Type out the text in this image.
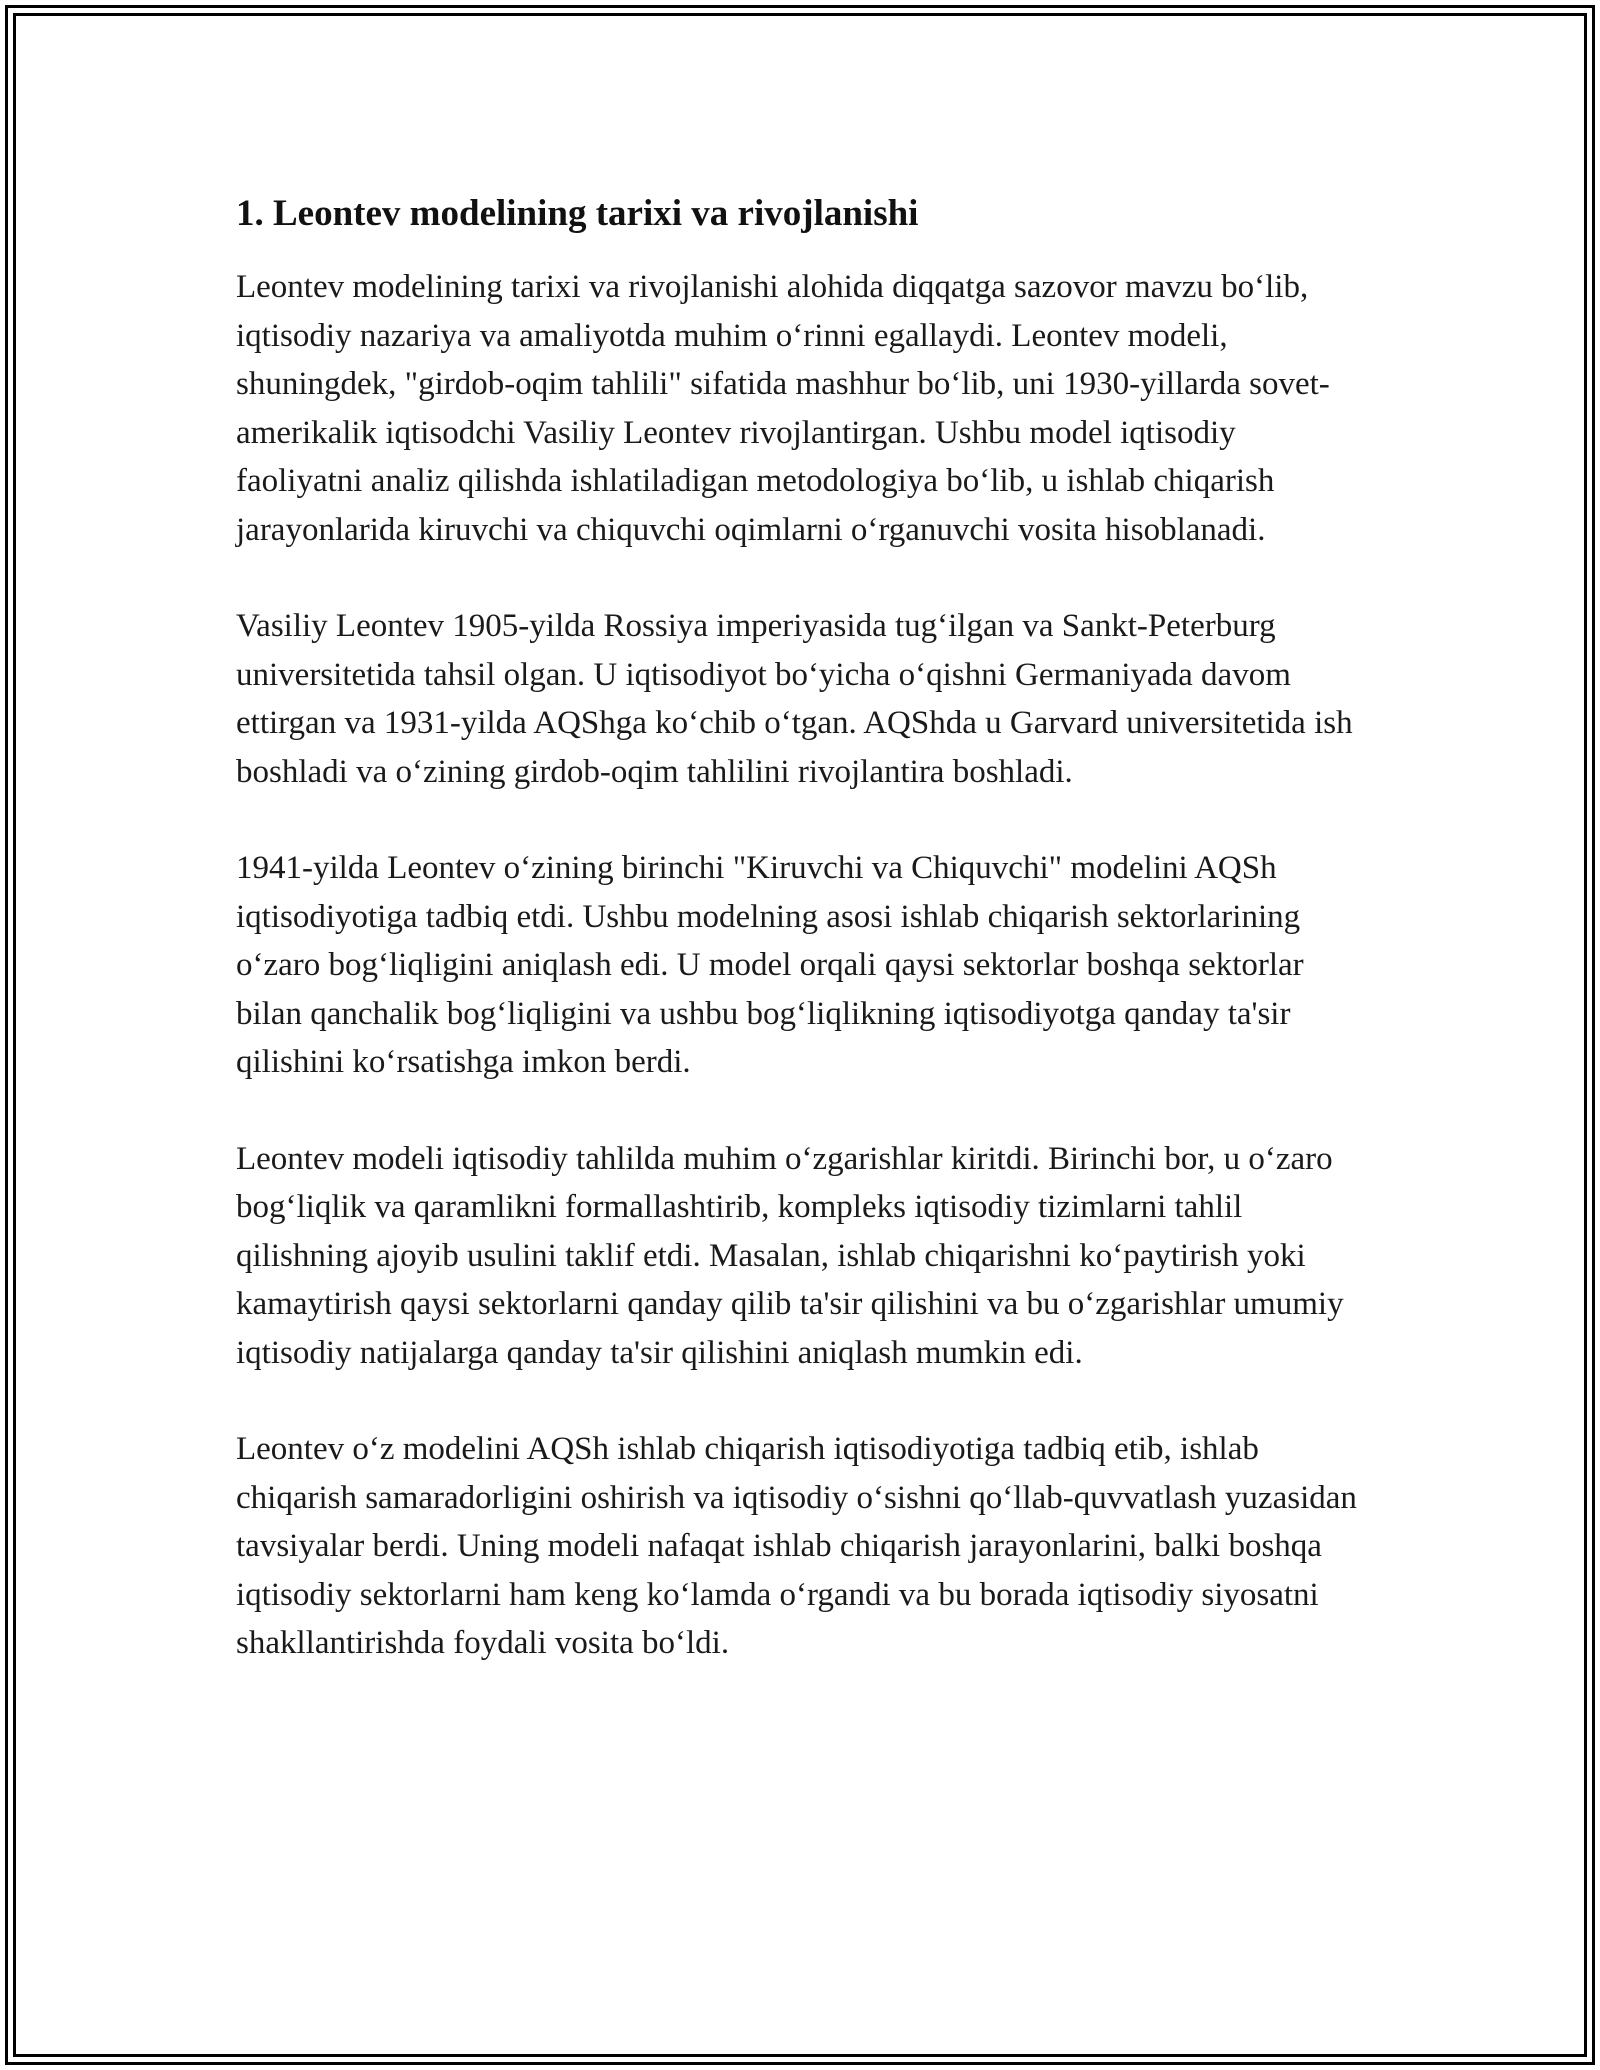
1. Leontev modelining tarixi va rivojlanishi

Leontev modelining tarixi va rivojlanishi alohida diqqatga sazovor mavzu bo‘lib, iqtisodiy nazariya va amaliyotda muhim o‘rinni egallaydi. Leontev modeli, shuningdek, "girdob-oqim tahlili" sifatida mashhur bo‘lib, uni 1930-yillarda sovet-amerikalik iqtisodchi Vasiliy Leontev rivojlantirgan. Ushbu model iqtisodiy faoliyatni analiz qilishda ishlatiladigan metodologiya bo‘lib, u ishlab chiqarish jarayonlarida kiruvchi va chiquvchi oqimlarni o‘rganuvchi vosita hisoblanadi.

Vasiliy Leontev 1905-yilda Rossiya imperiyasida tug‘ilgan va Sankt-Peterburg universitetida tahsil olgan. U iqtisodiyot bo‘yicha o‘qishni Germaniyada davom ettirgan va 1931-yilda AQShga ko‘chib o‘tgan. AQShda u Garvard universitetida ish boshladi va o‘zining girdob-oqim tahlilini rivojlantira boshladi.

1941-yilda Leontev o‘zining birinchi "Kiruvchi va Chiquvchi" modelini AQSh iqtisodiyotiga tadbiq etdi. Ushbu modelning asosi ishlab chiqarish sektorlarining o‘zaro bog‘liqligini aniqlash edi. U model orqali qaysi sektorlar boshqa sektorlar bilan qanchalik bog‘liqligini va ushbu bog‘liqlikning iqtisodiyotga qanday ta'sir qilishini ko‘rsatishga imkon berdi.

Leontev modeli iqtisodiy tahlilda muhim o‘zgarishlar kiritdi. Birinchi bor, u o‘zaro bog‘liqlik va qaramlikni formallashtirib, kompleks iqtisodiy tizimlarni tahlil qilishning ajoyib usulini taklif etdi. Masalan, ishlab chiqarishni ko‘paytirish yoki kamaytirish qaysi sektorlarni qanday qilib ta'sir qilishini va bu o‘zgarishlar umumiy iqtisodiy natijalarga qanday ta'sir qilishini aniqlash mumkin edi.

Leontev o‘z modelini AQSh ishlab chiqarish iqtisodiyotiga tadbiq etib, ishlab chiqarish samaradorligini oshirish va iqtisodiy o‘sishni qo‘llab-quvvatlash yuzasidan tavsiyalar berdi. Uning modeli nafaqat ishlab chiqarish jarayonlarini, balki boshqa iqtisodiy sektorlarni ham keng ko‘lamda o‘rgandi va bu borada iqtisodiy siyosatni shakllantirishda foydali vosita bo‘ldi.
